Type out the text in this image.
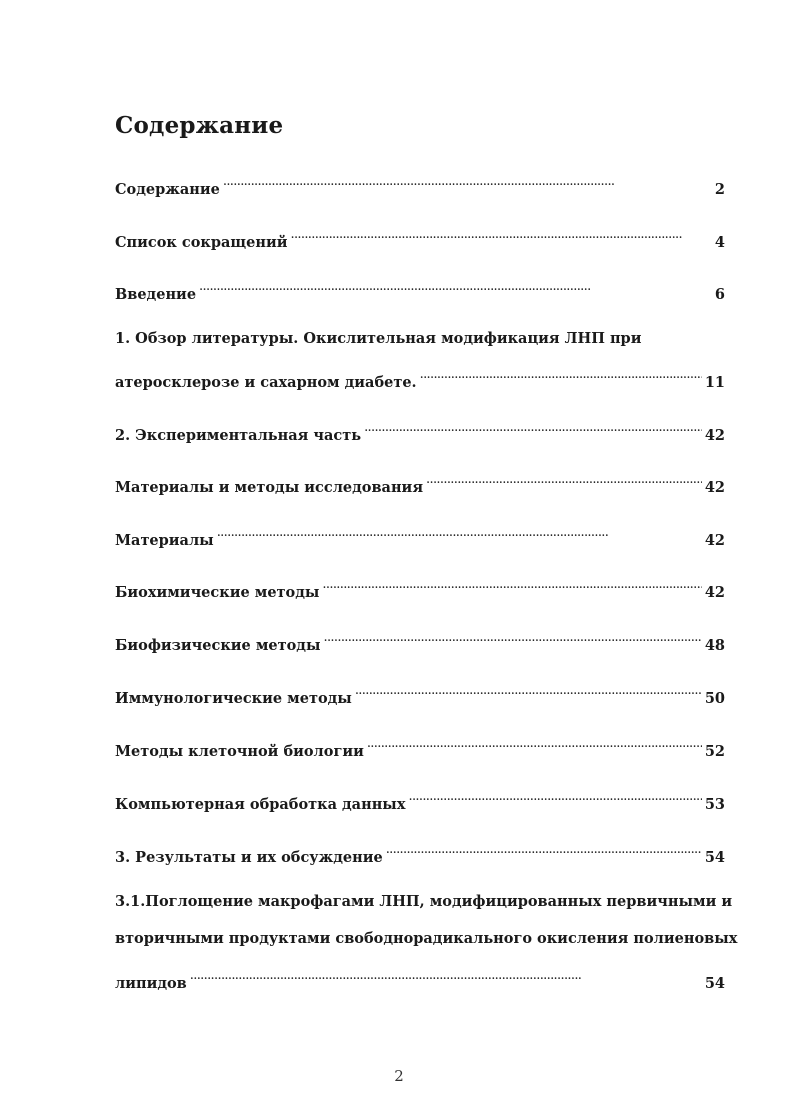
Содержание
Содержание . . .	2
Список сокращений . . .	4
Введение . . .	6
1. Обзор литературы. Окислительная модификация ЛНП при
атеросклерозе и сахарном диабете. . . .	11
2. Экспериментальная часть . . .	42
Материалы и методы исследования . . .	42
Материалы . . .	42
Биохимические методы . . .	42
Биофизические методы . . .	48
Иммунологические методы . . .	50
Методы клеточной биологии . . .	52
Компьютерная обработка данных . . .	53
3. Результаты и их обсуждение . . .	54
3.1.Поглощение макрофагами ЛНП, модифицированных первичными и
вторичными продуктами свободнорадикального окисления полиеновых
липидов . . .	54
2
